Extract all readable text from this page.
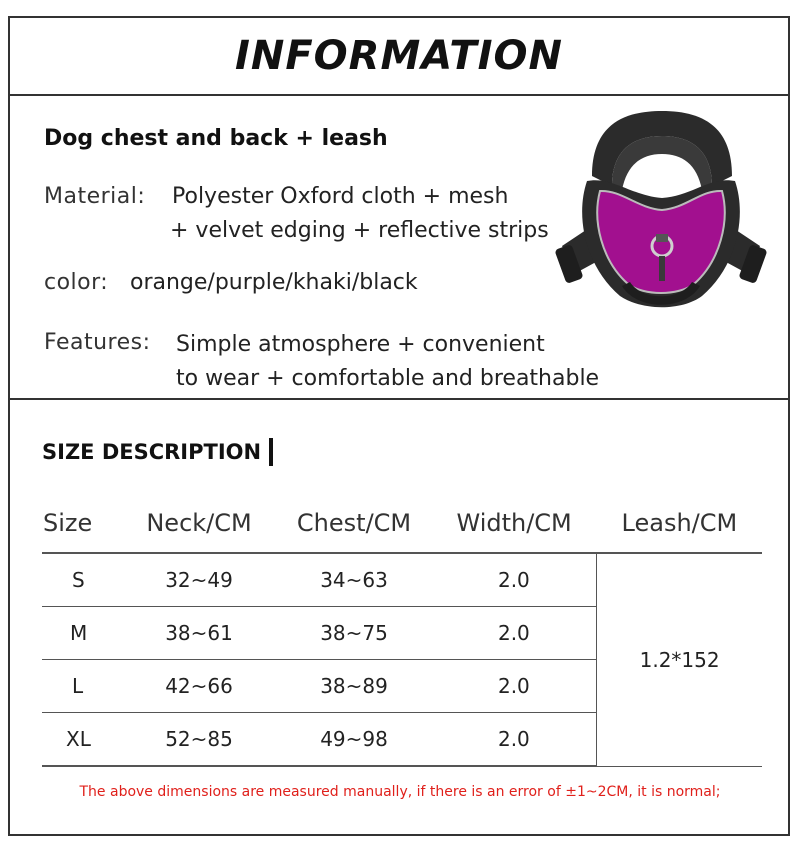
INFORMATION
Dog chest and back + leash
Material: Polyester Oxford cloth + mesh
+ velvet edging + reflective strips
color: orange/purple/khaki/black
Features: Simple atmosphere + convenient
to wear + comfortable and breathable
SIZE DESCRIPTION
Size	Neck/CM	Chest/CM	Width/CM	Leash/CM
S	32~49	34~63	2.0	1.2*152
M	38~61	38~75	2.0	
L	42~66	38~89	2.0	
XL	52~85	49~98	2.0	
The above dimensions are measured manually, if there is an error of ±1~2CM, it is normal;
